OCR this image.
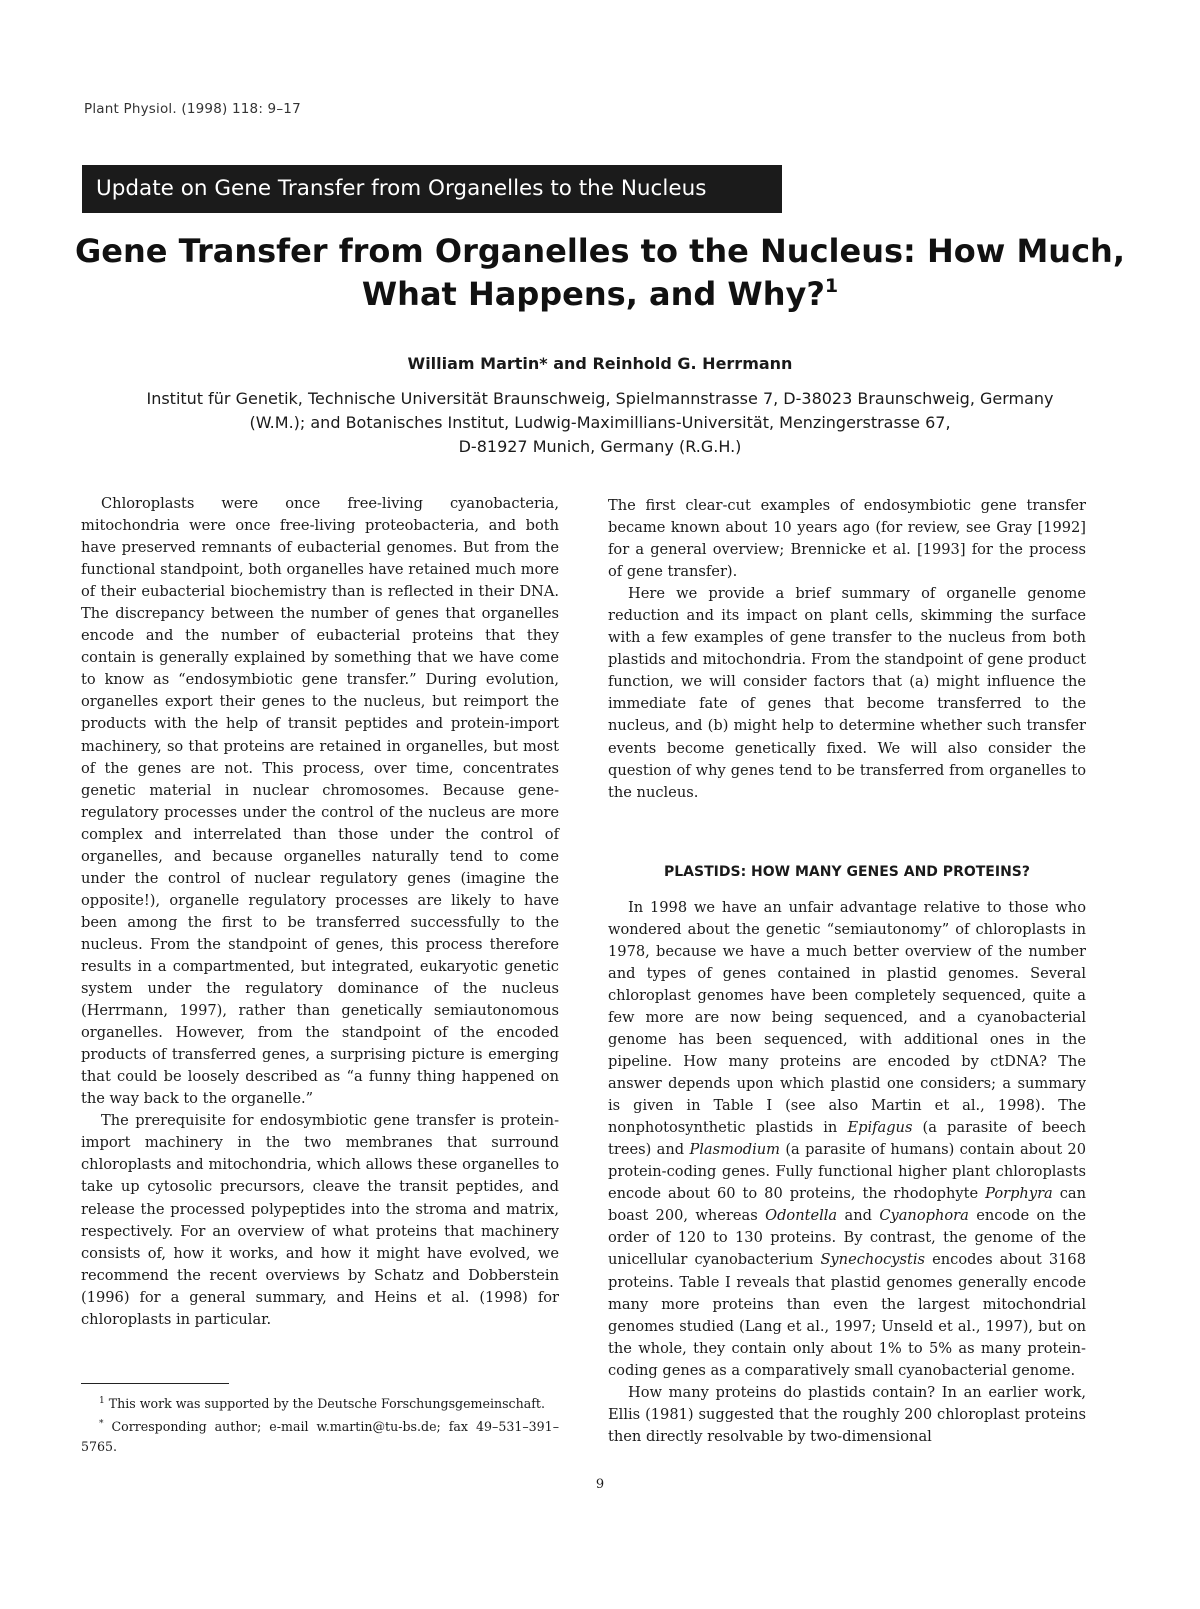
Plant Physiol. (1998) 118: 9–17
Update on Gene Transfer from Organelles to the Nucleus
Gene Transfer from Organelles to the Nucleus: How Much,
What Happens, and Why?$^1$
William Martin* and Reinhold G. Herrmann
Institut für Genetik, Technische Universität Braunschweig, Spielmannstrasse 7, D-38023 Braunschweig, Germany
(W.M.); and Botanisches Institut, Ludwig-Maximillians-Universität, Menzingerstrasse 67,
D-81927 Munich, Germany (R.G.H.)

Chloroplasts were once free-living cyanobacteria, mitochondria were once free-living proteobacteria, and both have preserved remnants of eubacterial genomes. But from the functional standpoint, both organelles have retained much more of their eubacterial biochemistry than is reflected in their DNA. The discrepancy between the number of genes that organelles encode and the number of eubacterial proteins that they contain is generally explained by something that we have come to know as “endosymbiotic gene transfer.” During evolution, organelles export their genes to the nucleus, but reimport the products with the help of transit peptides and protein-import machinery, so that proteins are retained in organelles, but most of the genes are not. This process, over time, concentrates genetic material in nuclear chromosomes. Because gene-regulatory processes under the control of the nucleus are more complex and interrelated than those under the control of organelles, and because organelles naturally tend to come under the control of nuclear regulatory genes (imagine the opposite!), organelle regulatory processes are likely to have been among the first to be transferred successfully to the nucleus. From the standpoint of genes, this process therefore results in a compartmented, but integrated, eukaryotic genetic system under the regulatory dominance of the nucleus (Herrmann, 1997), rather than genetically semiautonomous organelles. However, from the standpoint of the encoded products of transferred genes, a surprising picture is emerging that could be loosely described as “a funny thing happened on the way back to the organelle.”

The prerequisite for endosymbiotic gene transfer is protein-import machinery in the two membranes that surround chloroplasts and mitochondria, which allows these organelles to take up cytosolic precursors, cleave the transit peptides, and release the processed polypeptides into the stroma and matrix, respectively. For an overview of what proteins that machinery consists of, how it works, and how it might have evolved, we recommend the recent overviews by Schatz and Dobberstein (1996) for a general summary, and Heins et al. (1998) for chloroplasts in particular.

$^1$ This work was supported by the Deutsche Forschungsgemeinschaft.

* Corresponding author; e-mail w.martin@tu-bs.de; fax 49–531–391–5765.

The first clear-cut examples of endosymbiotic gene transfer became known about 10 years ago (for review, see Gray [1992] for a general overview; Brennicke et al. [1993] for the process of gene transfer).

Here we provide a brief summary of organelle genome reduction and its impact on plant cells, skimming the surface with a few examples of gene transfer to the nucleus from both plastids and mitochondria. From the standpoint of gene product function, we will consider factors that (a) might influence the immediate fate of genes that become transferred to the nucleus, and (b) might help to determine whether such transfer events become genetically fixed. We will also consider the question of why genes tend to be transferred from organelles to the nucleus.

PLASTIDS: HOW MANY GENES AND PROTEINS?

In 1998 we have an unfair advantage relative to those who wondered about the genetic “semiautonomy” of chloroplasts in 1978, because we have a much better overview of the number and types of genes contained in plastid genomes. Several chloroplast genomes have been completely sequenced, quite a few more are now being sequenced, and a cyanobacterial genome has been sequenced, with additional ones in the pipeline. How many proteins are encoded by ctDNA? The answer depends upon which plastid one considers; a summary is given in Table I (see also Martin et al., 1998). The nonphotosynthetic plastids in Epifagus (a parasite of beech trees) and Plasmodium (a parasite of humans) contain about 20 protein-coding genes. Fully functional higher plant chloroplasts encode about 60 to 80 proteins, the rhodophyte Porphyra can boast 200, whereas Odontella and Cyanophora encode on the order of 120 to 130 proteins. By contrast, the genome of the unicellular cyanobacterium Synechocystis encodes about 3168 proteins. Table I reveals that plastid genomes generally encode many more proteins than even the largest mitochondrial genomes studied (Lang et al., 1997; Unseld et al., 1997), but on the whole, they contain only about 1% to 5% as many protein-coding genes as a comparatively small cyanobacterial genome.

How many proteins do plastids contain? In an earlier work, Ellis (1981) suggested that the roughly 200 chloroplast proteins then directly resolvable by two-dimensional

9
